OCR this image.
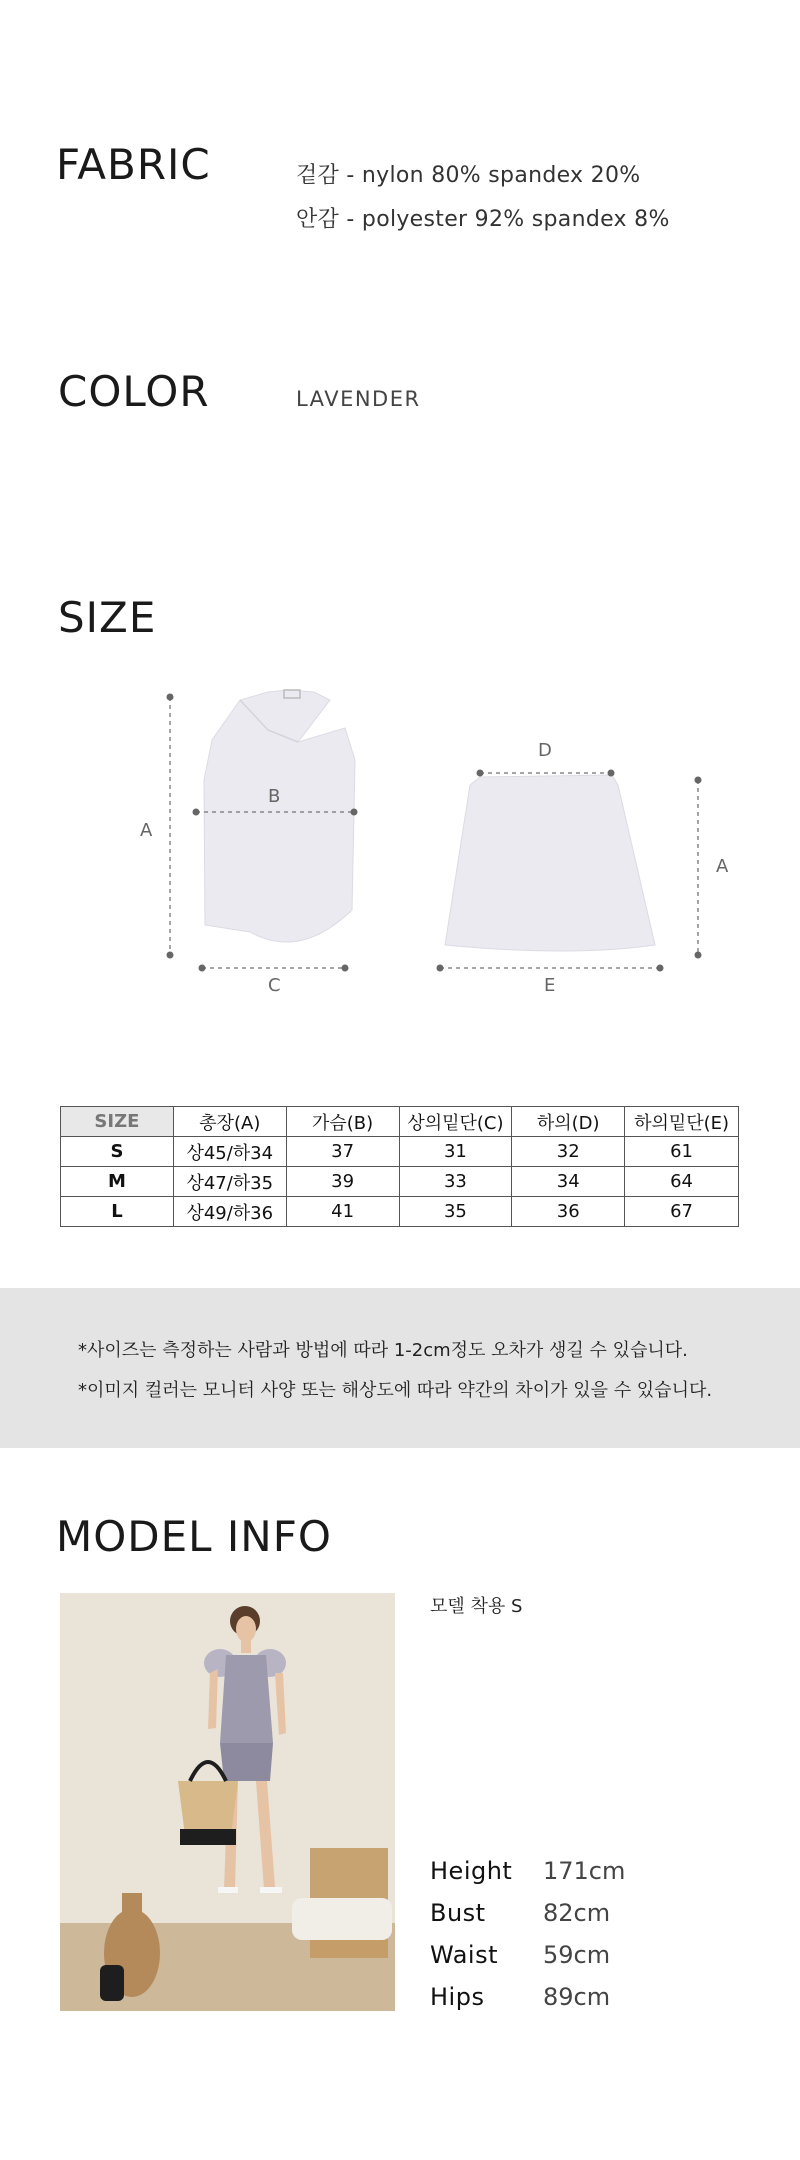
FABRIC	겉감 - nylon 80% spandex 20%
안감 - polyester 92% spandex 8%
COLOR	LAVENDER
SIZE
A
B
C
D
A
E
SIZE	총장(A)	가슴(B)	상의밑단(C)	하의(D)	하의밑단(E)
S	상45/하34	37	31	32	61
M	상47/하35	39	33	34	64
L	상49/하36	41	35	36	67
*사이즈는 측정하는 사람과 방법에 따라 1-2cm정도 오차가 생길 수 있습니다.
*이미지 컬러는 모니터 사양 또는 해상도에 따라 약간의 차이가 있을 수 있습니다.
MODEL INFO
모델 착용 S
Height 171cm
Bust 82cm
Waist 59cm
Hips 89cm
